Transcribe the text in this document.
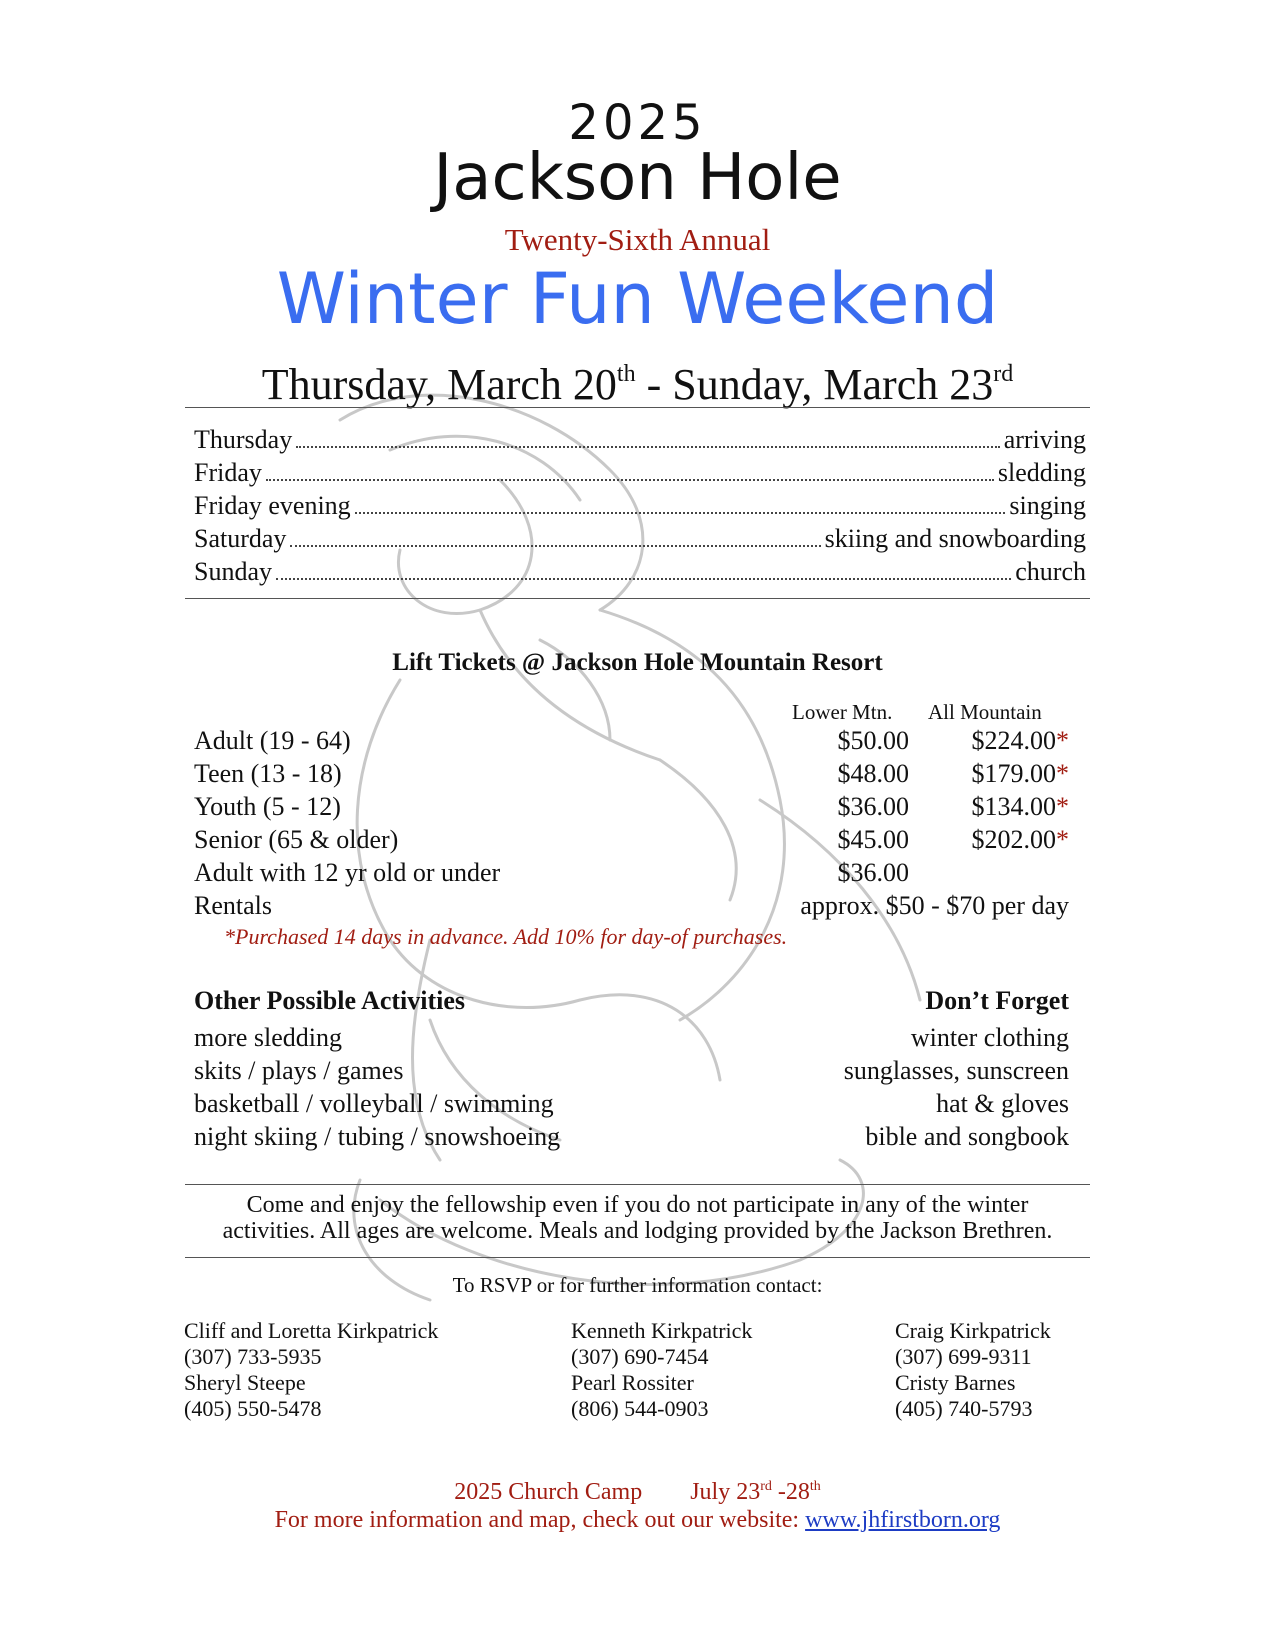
2025
Jackson Hole
Twenty-Sixth Annual
Winter Fun Weekend
Thursday, March 20th - Sunday, March 23rd
Thursday	arriving
Friday	sledding
Friday evening	singing
Saturday	skiing and snowboarding
Sunday	church
Lift Tickets @ Jackson Hole Mountain Resort
Lower Mtn. All Mountain
Adult (19 - 64)	$50.00 $224.00*
Teen (13 - 18)	$48.00 $179.00*
Youth (5 - 12)	$36.00 $134.00*
Senior (65 & older)	$45.00 $202.00*
Adult with 12 yr old or under	$36.00
Rentals	approx. $50 - $70 per day
*Purchased 14 days in advance. Add 10% for day-of purchases.
Other Possible Activities
more sledding
skits / plays / games
basketball / volleyball / swimming
night skiing / tubing / snowshoeing
Don’t Forget
winter clothing
sunglasses, sunscreen
hat & gloves
bible and songbook
Come and enjoy the fellowship even if you do not participate in any of the winter
activities. All ages are welcome. Meals and lodging provided by the Jackson Brethren.
To RSVP or for further information contact:
Cliff and Loretta Kirkpatrick
(307) 733-5935
Sheryl Steepe
(405) 550-5478
Kenneth Kirkpatrick
(307) 690-7454
Pearl Rossiter
(806) 544-0903
Craig Kirkpatrick
(307) 699-9311
Cristy Barnes
(405) 740-5793
2025 Church Camp July 23rd -28th
For more information and map, check out our website: www.jhfirstborn.org
